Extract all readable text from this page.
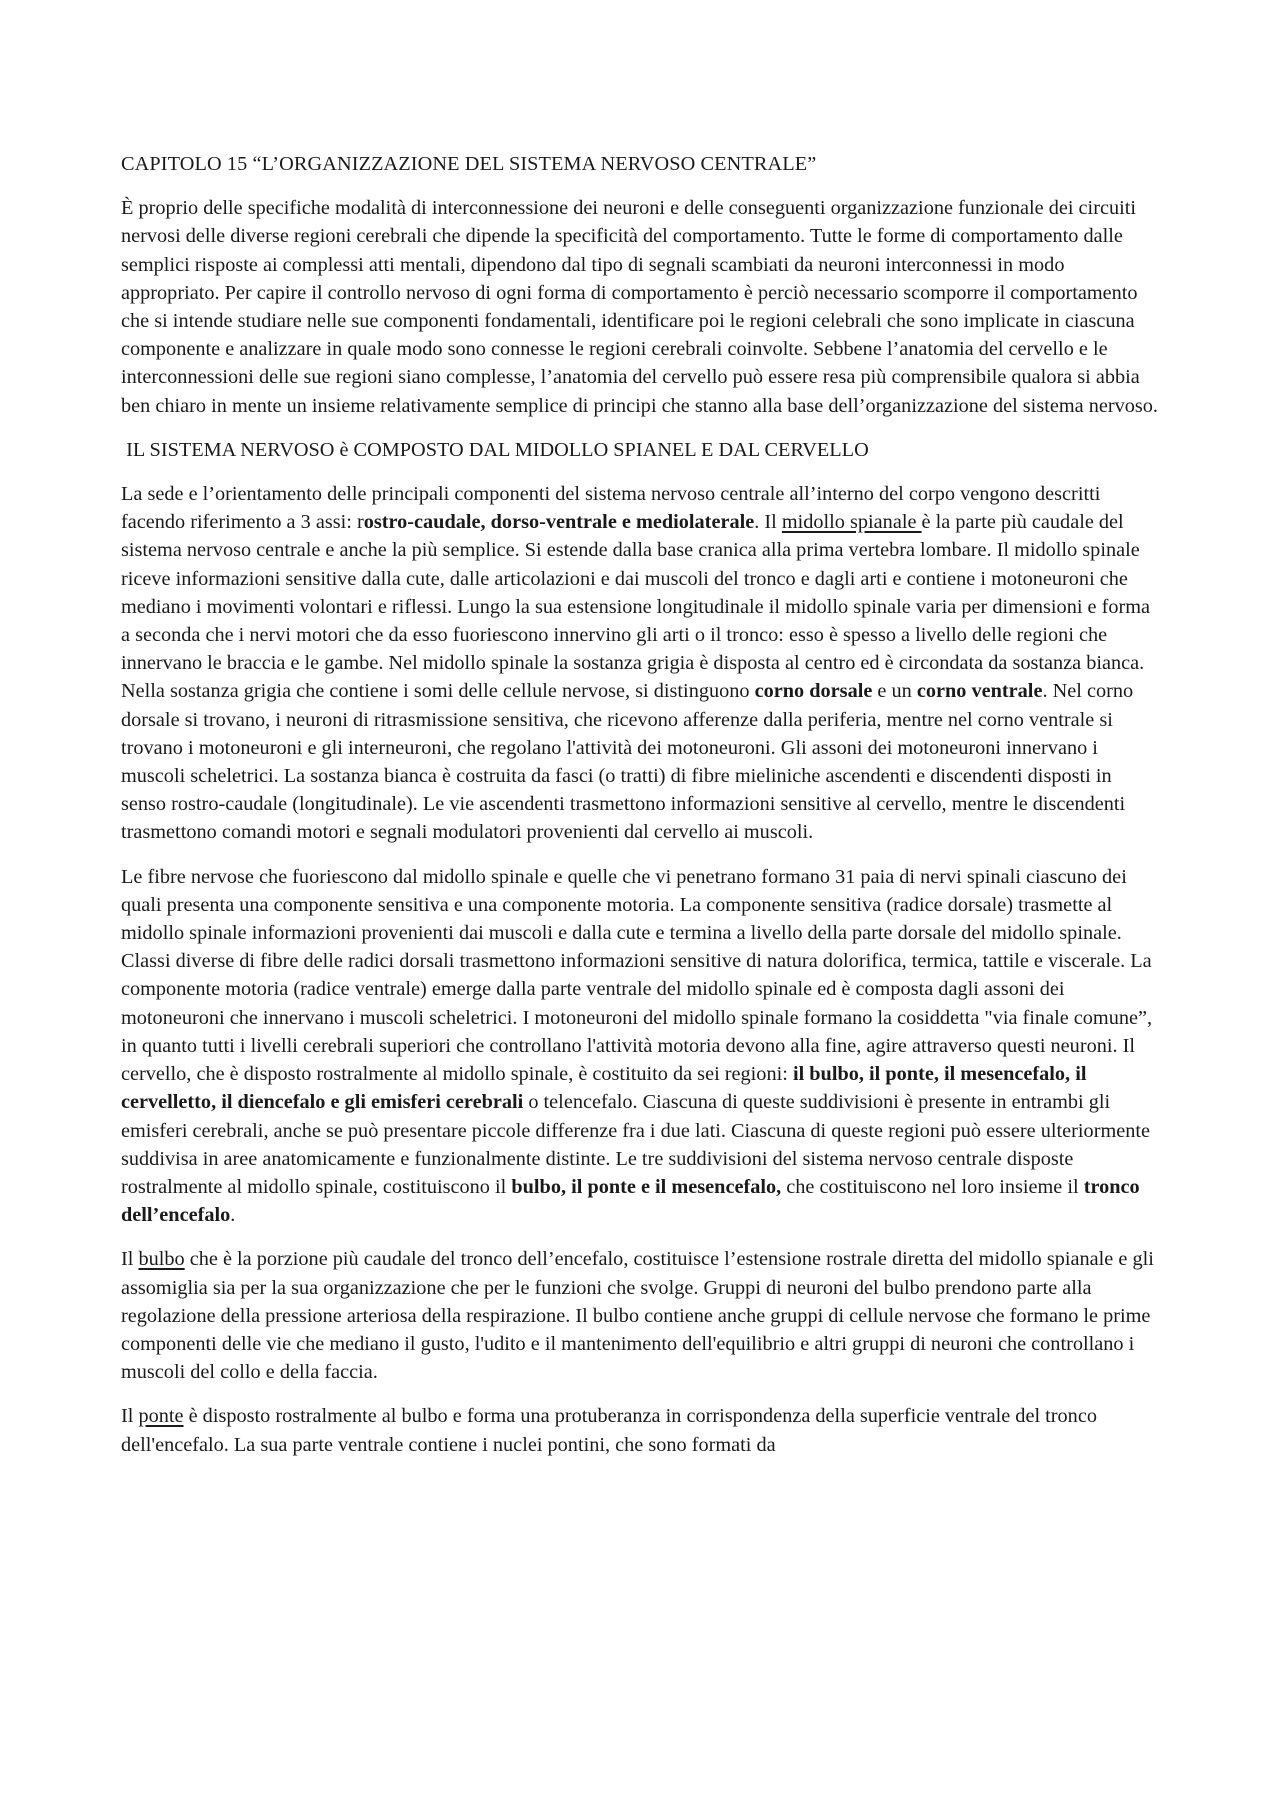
CAPITOLO 15 “L’ORGANIZZAZIONE DEL SISTEMA NERVOSO CENTRALE”
È proprio delle specifiche modalità di interconnessione dei neuroni e delle conseguenti organizzazione funzionale dei circuiti nervosi delle diverse regioni cerebrali che dipende la specificità del comportamento. Tutte le forme di comportamento dalle semplici risposte ai complessi atti mentali, dipendono dal tipo di segnali scambiati da neuroni interconnessi in modo appropriato. Per capire il controllo nervoso di ogni forma di comportamento è perciò necessario scomporre il comportamento che si intende studiare nelle sue componenti fondamentali, identificare poi le regioni celebrali che sono implicate in ciascuna componente e analizzare in quale modo sono connesse le regioni cerebrali coinvolte. Sebbene l’anatomia del cervello e le interconnessioni delle sue regioni siano complesse, l’anatomia del cervello può essere resa più comprensibile qualora si abbia ben chiaro in mente un insieme relativamente semplice di principi che stanno alla base dell’organizzazione del sistema nervoso.
IL SISTEMA NERVOSO è COMPOSTO DAL MIDOLLO SPIANEL E DAL CERVELLO
La sede e l’orientamento delle principali componenti del sistema nervoso centrale all’interno del corpo vengono descritti facendo riferimento a 3 assi: rostro-caudale, dorso-ventrale e mediolaterale. Il midollo spianale è la parte più caudale del sistema nervoso centrale e anche la più semplice. Si estende dalla base cranica alla prima vertebra lombare. Il midollo spinale riceve informazioni sensitive dalla cute, dalle articolazioni e dai muscoli del tronco e dagli arti e contiene i motoneuroni che mediano i movimenti volontari e riflessi. Lungo la sua estensione longitudinale il midollo spinale varia per dimensioni e forma a seconda che i nervi motori che da esso fuoriescono innervino gli arti o il tronco: esso è spesso a livello delle regioni che innervano le braccia e le gambe. Nel midollo spinale la sostanza grigia è disposta al centro ed è circondata da sostanza bianca. Nella sostanza grigia che contiene i somi delle cellule nervose, si distinguono corno dorsale e un corno ventrale. Nel corno dorsale si trovano, i neuroni di ritrasmissione sensitiva, che ricevono afferenze dalla periferia, mentre nel corno ventrale si trovano i motoneuroni e gli interneuroni, che regolano l'attività dei motoneuroni. Gli assoni dei motoneuroni innervano i muscoli scheletrici. La sostanza bianca è costruita da fasci (o tratti) di fibre mieliniche ascendenti e discendenti disposti in senso rostro-caudale (longitudinale). Le vie ascendenti trasmettono informazioni sensitive al cervello, mentre le discendenti trasmettono comandi motori e segnali modulatori provenienti dal cervello ai muscoli.
Le fibre nervose che fuoriescono dal midollo spinale e quelle che vi penetrano formano 31 paia di nervi spinali ciascuno dei quali presenta una componente sensitiva e una componente motoria. La componente sensitiva (radice dorsale) trasmette al midollo spinale informazioni provenienti dai muscoli e dalla cute e termina a livello della parte dorsale del midollo spinale. Classi diverse di fibre delle radici dorsali trasmettono informazioni sensitive di natura dolorifica, termica, tattile e viscerale. La componente motoria (radice ventrale) emerge dalla parte ventrale del midollo spinale ed è composta dagli assoni dei motoneuroni che innervano i muscoli scheletrici. I motoneuroni del midollo spinale formano la cosiddetta "via finale comune”, in quanto tutti i livelli cerebrali superiori che controllano l'attività motoria devono alla fine, agire attraverso questi neuroni. Il cervello, che è disposto rostralmente al midollo spinale, è costituito da sei regioni: il bulbo, il ponte, il mesencefalo, il cervelletto, il diencefalo e gli emisferi cerebrali o telencefalo. Ciascuna di queste suddivisioni è presente in entrambi gli emisferi cerebrali, anche se può presentare piccole differenze fra i due lati. Ciascuna di queste regioni può essere ulteriormente suddivisa in aree anatomicamente e funzionalmente distinte. Le tre suddivisioni del sistema nervoso centrale disposte rostralmente al midollo spinale, costituiscono il bulbo, il ponte e il mesencefalo, che costituiscono nel loro insieme il tronco dell’encefalo.
Il bulbo che è la porzione più caudale del tronco dell’encefalo, costituisce l’estensione rostrale diretta del midollo spianale e gli assomiglia sia per la sua organizzazione che per le funzioni che svolge. Gruppi di neuroni del bulbo prendono parte alla regolazione della pressione arteriosa della respirazione. Il bulbo contiene anche gruppi di cellule nervose che formano le prime componenti delle vie che mediano il gusto, l'udito e il mantenimento dell'equilibrio e altri gruppi di neuroni che controllano i muscoli del collo e della faccia.
Il ponte è disposto rostralmente al bulbo e forma una protuberanza in corrispondenza della superficie ventrale del tronco dell'encefalo. La sua parte ventrale contiene i nuclei pontini, che sono formati da
